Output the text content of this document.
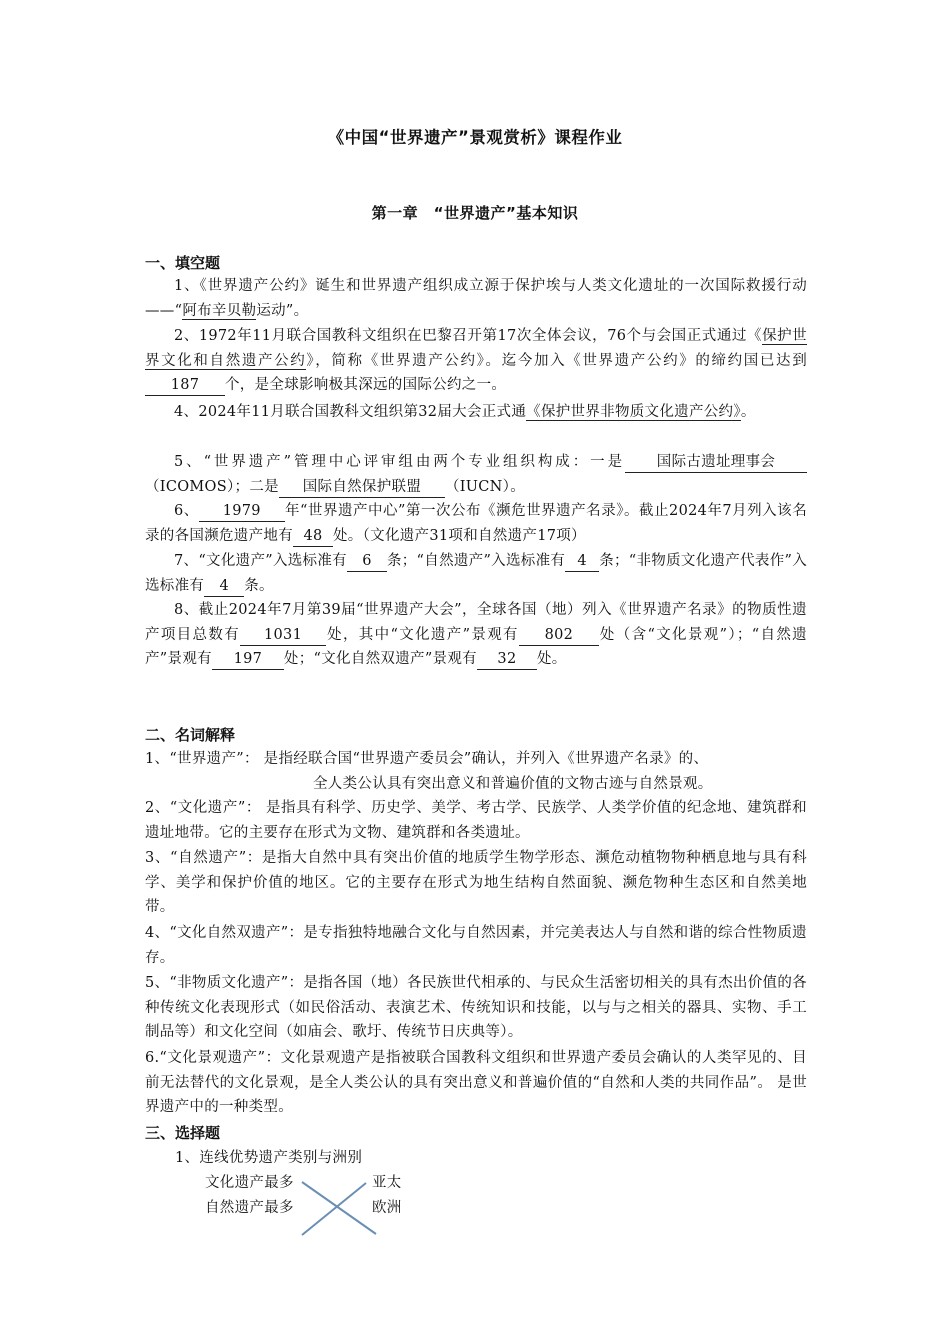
《中国“世界遗产”景观赏析》课程作业
第一章　“世界遗产”基本知识
一、填空题
1、《世界遗产公约》诞生和世界遗产组织成立源于保护埃与人类文化遗址的一次国际救援行动——“阿布辛贝勒运动”。
2、1972年11月联合国教科文组织在巴黎召开第17次全体会议，76个与会国正式通过《保护世界文化和自然遗产公约》，简称《世界遗产公约》。迄今加入《世界遗产公约》的缔约国已达到187 个，是全球影响极其深远的国际公约之一。
4、2024年11月联合国教科文组织第32届大会正式通《保护世界非物质文化遗产公约》。
5、“世界遗产”管理中心评审组由两个专业组织构成：一是 国际古遗址理事会（ICOMOS）；二是 国际自然保护联盟 （IUCN）。
6、 1979 年“世界遗产中心”第一次公布《濒危世界遗产名录》。截止2024年7月列入该名录的各国濒危遗产地有 48 处。（文化遗产31项和自然遗产17项）
7、“文化遗产”入选标准有 6 条；“自然遗产”入选标准有 4 条；“非物质文化遗产代表作”入选标准有 4 条。
8、截止2024年7月第39届“世界遗产大会”，全球各国（地）列入《世界遗产名录》的物质性遗产项目总数有 1031 处，其中“文化遗产”景观有 802 处（含“文化景观”）；“自然遗产”景观有 197 处；“文化自然双遗产”景观有 32 处。
二、名词解释
1、“世界遗产”： 是指经联合国“世界遗产委员会”确认，并列入《世界遗产名录》的、
全人类公认具有突出意义和普遍价值的文物古迹与自然景观。
2、“文化遗产”： 是指具有科学、历史学、美学、考古学、民族学、人类学价值的纪念地、建筑群和遗址地带。它的主要存在形式为文物、建筑群和各类遗址。
3、“自然遗产”：是指大自然中具有突出价值的地质学生物学形态、濒危动植物物种栖息地与具有科学、美学和保护价值的地区。它的主要存在形式为地生结构自然面貌、濒危物种生态区和自然美地带。
4、“文化自然双遗产”：是专指独特地融合文化与自然因素，并完美表达人与自然和谐的综合性物质遗存。
5、“非物质文化遗产”：是指各国（地）各民族世代相承的、与民众生活密切相关的具有杰出价值的各种传统文化表现形式（如民俗活动、表演艺术、传统知识和技能，以与与之相关的器具、实物、手工制品等）和文化空间（如庙会、歌圩、传统节日庆典等）。
6.“文化景观遗产”：文化景观遗产是指被联合国教科文组织和世界遗产委员会确认的人类罕见的、目前无法替代的文化景观，是全人类公认的具有突出意义和普遍价值的“自然和人类的共同作品”。 是世界遗产中的一种类型。
三、选择题
1、连线优势遗产类别与洲别
文化遗产最多
自然遗产最多
亚太
欧洲
